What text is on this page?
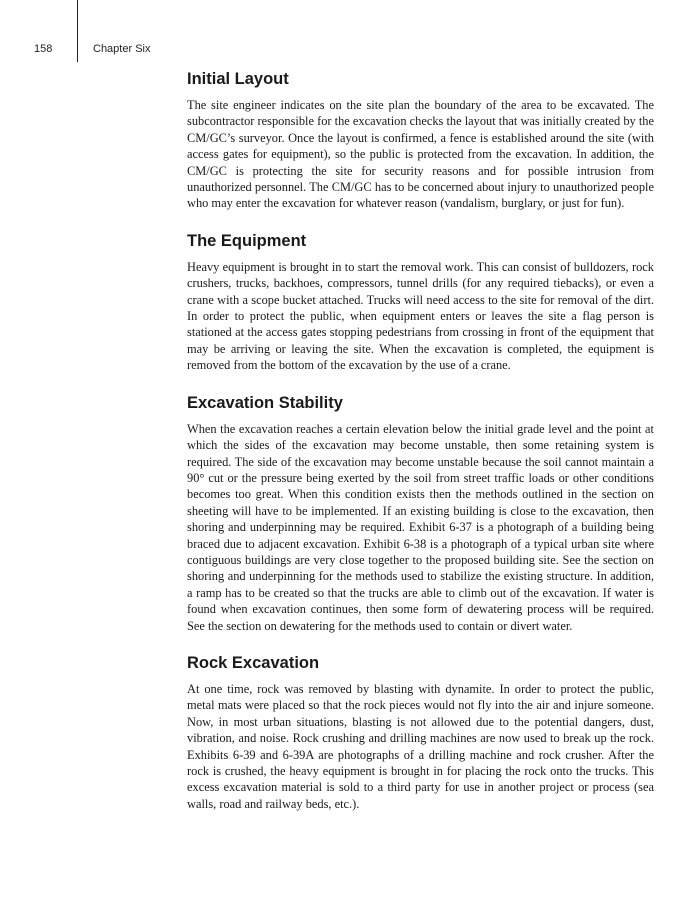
158	Chapter Six
Initial Layout

The site engineer indicates on the site plan the boundary of the area to be excavated. The subcontractor responsible for the excavation checks the layout that was initially created by the CM/GC’s surveyor. Once the layout is confirmed, a fence is established around the site (with access gates for equipment), so the public is protected from the excavation. In addition, the CM/GC is protecting the site for security reasons and for possible intrusion from unauthorized personnel. The CM/GC has to be concerned about injury to unauthorized people who may enter the excavation for whatever reason (vandalism, burglary, or just for fun).

The Equipment

Heavy equipment is brought in to start the removal work. This can consist of bulldozers, rock crushers, trucks, backhoes, compressors, tunnel drills (for any required tiebacks), or even a crane with a scope bucket attached. Trucks will need access to the site for removal of the dirt. In order to protect the public, when equipment enters or leaves the site a flag person is stationed at the access gates stopping pedestrians from crossing in front of the equipment that may be arriving or leaving the site. When the excavation is completed, the equipment is removed from the bottom of the excavation by the use of a crane.

Excavation Stability

When the excavation reaches a certain elevation below the initial grade level and the point at which the sides of the excavation may become unstable, then some retaining system is required. The side of the excavation may become unstable because the soil cannot maintain a 90° cut or the pressure being exerted by the soil from street traffic loads or other conditions becomes too great. When this condition exists then the methods outlined in the section on sheeting will have to be implemented. If an existing building is close to the excavation, then shoring and underpinning may be required. Exhibit 6-37 is a photograph of a building being braced due to adjacent excavation. Exhibit 6-38 is a photograph of a typical urban site where contiguous buildings are very close together to the proposed building site. See the section on shoring and underpinning for the methods used to stabilize the existing structure. In addition, a ramp has to be created so that the trucks are able to climb out of the excavation. If water is found when excavation continues, then some form of dewatering process will be required. See the section on dewatering for the methods used to contain or divert water.

Rock Excavation

At one time, rock was removed by blasting with dynamite. In order to protect the public, metal mats were placed so that the rock pieces would not fly into the air and injure someone. Now, in most urban situations, blasting is not allowed due to the potential dangers, dust, vibration, and noise. Rock crushing and drilling machines are now used to break up the rock. Exhibits 6-39 and 6-39A are photographs of a drilling machine and rock crusher. After the rock is crushed, the heavy equipment is brought in for placing the rock onto the trucks. This excess excavation material is sold to a third party for use in another project or process (sea walls, road and railway beds, etc.).
